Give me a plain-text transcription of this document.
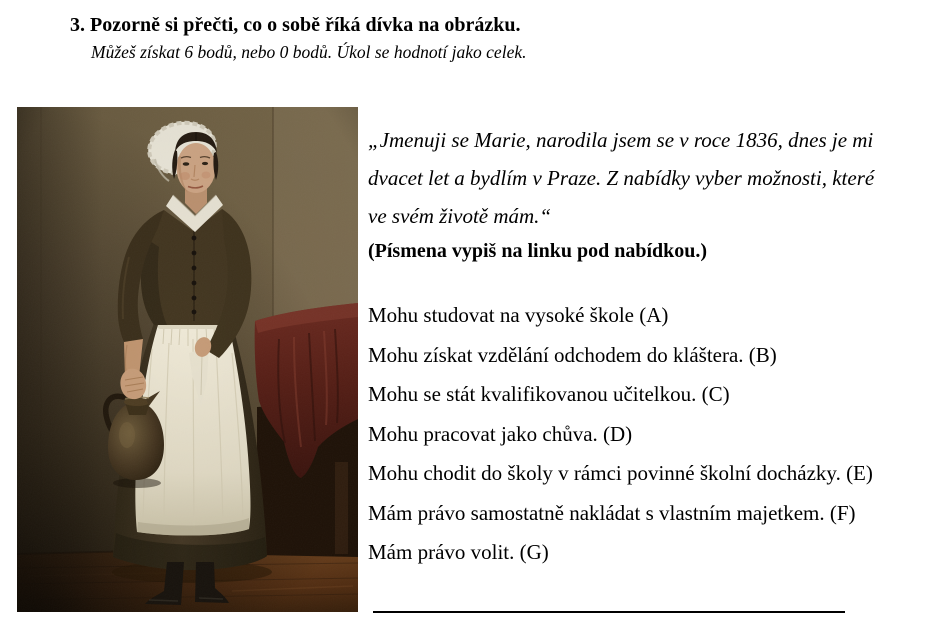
3. Pozorně si přečti, co o sobě říká dívka na obrázku.
Můžeš získat 6 bodů, nebo 0 bodů. Úkol se hodnotí jako celek.
„Jmenuji se Marie, narodila jsem se v roce 1836, dnes je mi
dvacet let a bydlím v Praze. Z nabídky vyber možnosti, které
ve svém životě mám.“
(Písmena vypiš na linku pod nabídkou.)
Mohu studovat na vysoké škole (A)
Mohu získat vzdělání odchodem do kláštera. (B)
Mohu se stát kvalifikovanou učitelkou. (C)
Mohu pracovat jako chůva. (D)
Mohu chodit do školy v rámci povinné školní docházky. (E)
Mám právo samostatně nakládat s vlastním majetkem. (F)
Mám právo volit. (G)
